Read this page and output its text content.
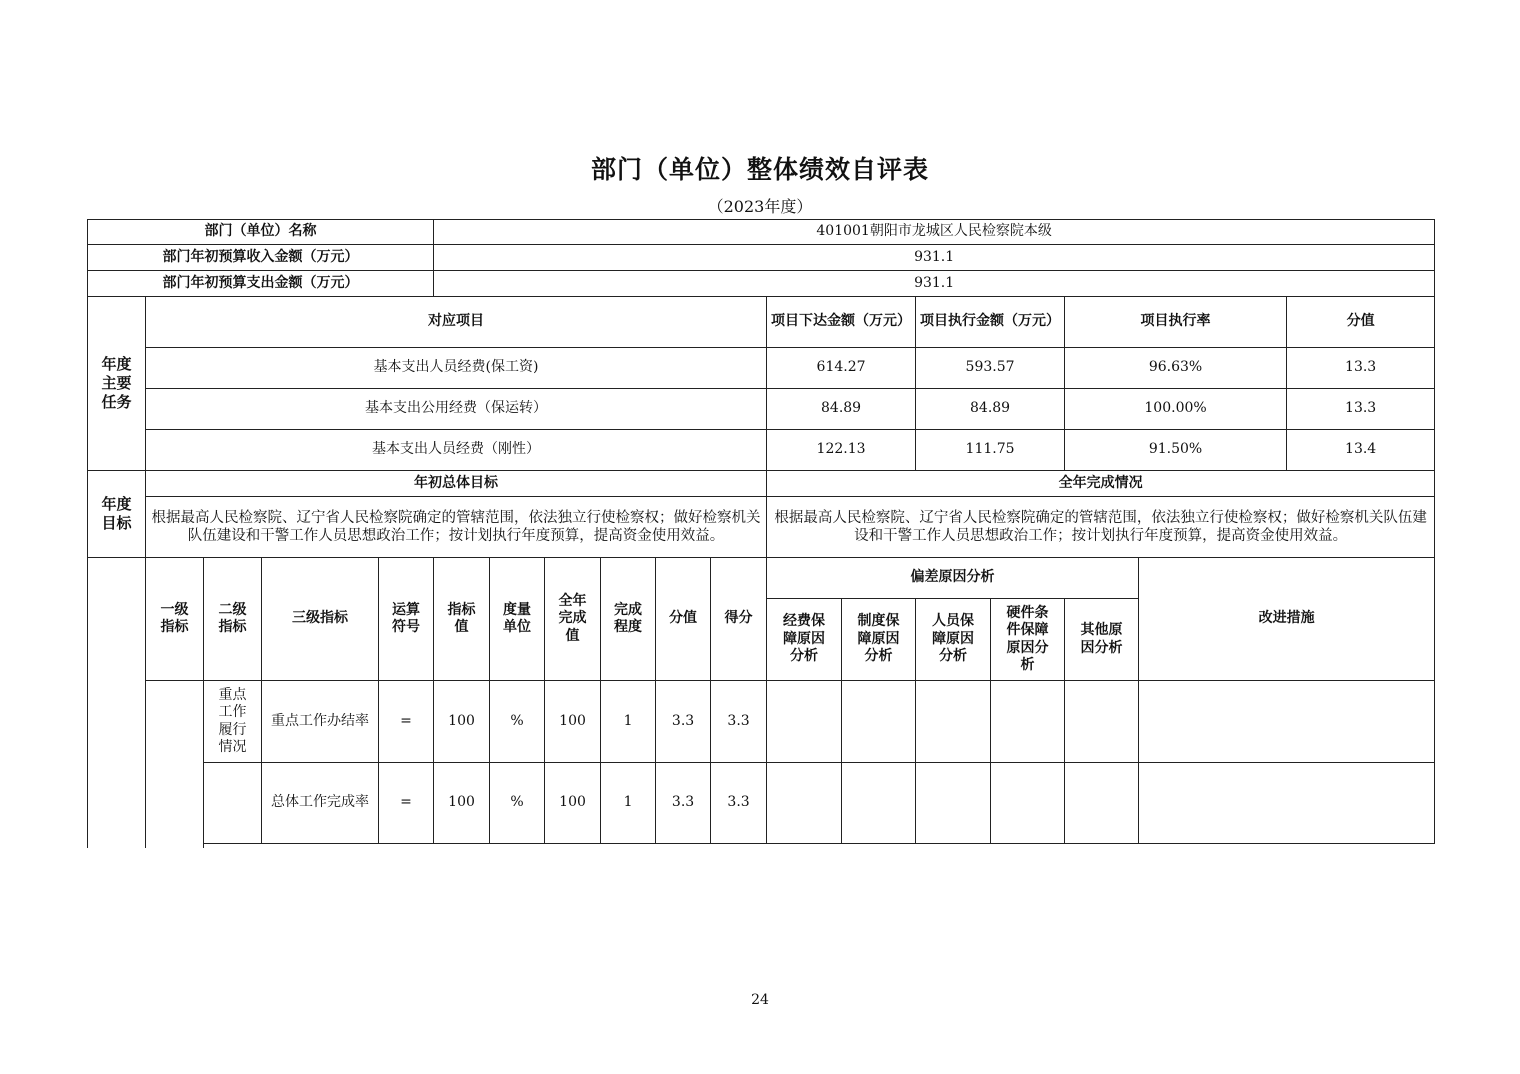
部门（单位）整体绩效自评表
（2023年度）
部门（单位）名称					401001朝阳市龙城区人民检察院本级													
部门年初预算收入金额（万元）					931.1													
部门年初预算支出金额（万元）					931.1													

年度主要任务	对应项目										项目下达金额（万元）		项目执行金额（万元）		项目执行率		分值	
	基本支出人员经费(保工资)										614.27		593.57		96.63%		13.3	
	基本支出公用经费（保运转）										84.89		84.89		100.00%		13.3	
	基本支出人员经费（刚性）										122.13		111.75		91.50%		13.4	

年度目标	年初总体目标										全年完成情况							
	根据最高人民检察院、辽宁省人民检察院确定的管辖范围，依法独立行使检察权；做好检察机关队伍建设和干警工作人员思想政治工作；按计划执行年度预算，提高资金使用效益。										根据最高人民检察院、辽宁省人民检察院确定的管辖范围，依法独立行使检察权；做好检察机关队伍建设和干警工作人员思想政治工作；按计划执行年度预算，提高资金使用效益。							

	一级指标	二级指标	三级指标	运算符号	指标值	度量单位	全年完成值	完成程度	分值	得分	偏差原因分析					改进措施		

											经费保障原因分析	制度保障原因分析	人员保障原因分析	硬件条件保障原因分析	其他原因分析			

		重点工作履行情况	重点工作办结率	=	100	%	100	1	3.3	3.3								
			总体工作完成率	=	100	%	100	1	3.3	3.3								

24
